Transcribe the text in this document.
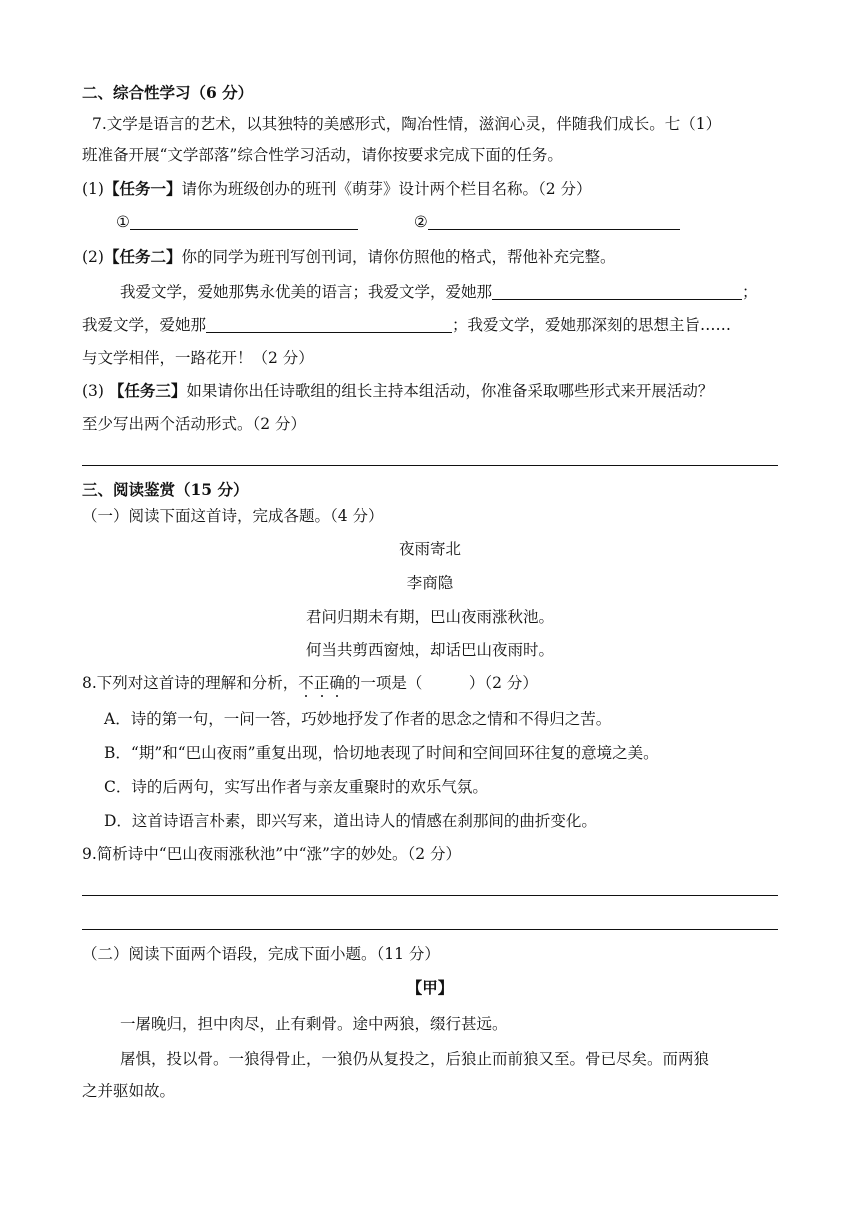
二、综合性学习（6 分）
7.文学是语言的艺术，以其独特的美感形式，陶冶性情，滋润心灵，伴随我们成长。七（1）
班准备开展“文学部落”综合性学习活动，请你按要求完成下面的任务。
(1)【任务一】请你为班级创办的班刊《萌芽》设计两个栏目名称。（2 分）
①	②
(2)【任务二】你的同学为班刊写创刊词，请你仿照他的格式，帮他补充完整。
我爱文学，爱她那隽永优美的语言；我爱文学，爱她那	；
我爱文学，爱她那	；我爱文学，爱她那深刻的思想主旨……
与文学相伴，一路花开！（2 分）
(3) 【任务三】如果请你出任诗歌组的组长主持本组活动，你准备采取哪些形式来开展活动？
至少写出两个活动形式。（2 分）
三、阅读鉴赏（15 分）
（一）阅读下面这首诗，完成各题。（4 分）
夜雨寄北
李商隐
君问归期未有期，巴山夜雨涨秋池。
何当共剪西窗烛，却话巴山夜雨时。
8.下列对这首诗的理解和分析，不正确的一项是（　　　）（2 分）
A．诗的第一句，一问一答，巧妙地抒发了作者的思念之情和不得归之苦。
B．“期”和“巴山夜雨”重复出现，恰切地表现了时间和空间回环往复的意境之美。
C．诗的后两句，实写出作者与亲友重聚时的欢乐气氛。
D．这首诗语言朴素，即兴写来，道出诗人的情感在刹那间的曲折变化。
9.简析诗中“巴山夜雨涨秋池”中“涨”字的妙处。（2 分）
（二）阅读下面两个语段，完成下面小题。（11 分）
【甲】
一屠晚归，担中肉尽，止有剩骨。途中两狼，缀行甚远。
屠惧，投以骨。一狼得骨止，一狼仍从复投之，后狼止而前狼又至。骨已尽矣。而两狼
之并驱如故。
